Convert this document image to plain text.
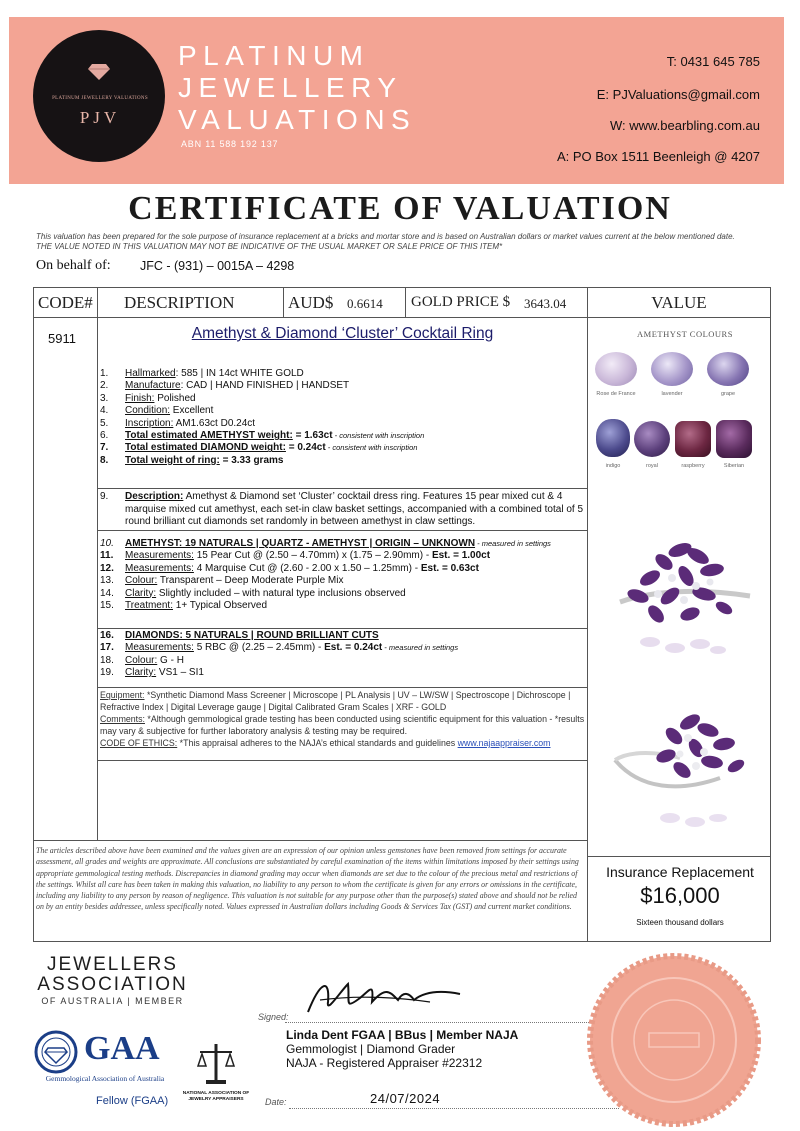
PLATINUM JEWELLERY VALUATIONS
PJV
PLATINUM
JEWELLERY
VALUATIONS
ABN 11 588 192 137
T: 0431 645 785
E: PJValuations@gmail.com
W: www.bearbling.com.au
A: PO Box 1511 Beenleigh @ 4207
CERTIFICATE OF VALUATION
This valuation has been prepared for the sole purpose of insurance replacement at a bricks and mortar store and is based on Australian dollars or market values current at the below mentioned date.
THE VALUE NOTED IN THIS VALUATION MAY NOT BE INDICATIVE OF THE USUAL MARKET OR SALE PRICE OF THIS ITEM*
On behalf of: JFC - (931) – 0015A – 4298
CODE# DESCRIPTION	AUD$ 0.6614 GOLD PRICE $ 3643.04	VALUE
5911	Amethyst & Diamond ‘Cluster’ Cocktail Ring
1. Hallmarked: 585 | IN 14ct WHITE GOLD
2. Manufacture: CAD | HAND FINISHED | HANDSET
3. Finish: Polished
4. Condition: Excellent
5. Inscription: AM1.63ct D0.24ct
6. Total estimated AMETHYST weight: = 1.63ct - consistent with inscription
7. Total estimated DIAMOND weight: = 0.24ct - consistent with inscription
8. Total weight of ring: = 3.33 grams
9.	Description: Amethyst & Diamond set ‘Cluster’ cocktail dress ring. Features 15 pear mixed cut & 4 marquise mixed cut amethyst, each set-in claw basket settings, accompanied with a combined total of 5 round brilliant cut diamonds set randomly in between amethyst in claw settings.
10. AMETHYST: 19 NATURALS | QUARTZ - AMETHYST | ORIGIN – UNKNOWN - measured in settings
11. Measurements: 15 Pear Cut @ (2.50 – 4.70mm) x (1.75 – 2.90mm) - Est. = 1.00ct
12. Measurements: 4 Marquise Cut @ (2.60 - 2.00 x 1.50 – 1.25mm) - Est. = 0.63ct
13. Colour: Transparent – Deep Moderate Purple Mix
14. Clarity: Slightly included – with natural type inclusions observed
15. Treatment: 1+ Typical Observed
16. DIAMONDS: 5 NATURALS | ROUND BRILLIANT CUTS
17. Measurements: 5 RBC @ (2.25 – 2.45mm) - Est. = 0.24ct - measured in settings
18. Colour: G - H
19. Clarity: VS1 – SI1
Equipment: *Synthetic Diamond Mass Screener | Microscope | PL Analysis | UV – LW/SW | Spectroscope | Dichroscope | Refractive Index | Digital Leverage gauge | Digital Calibrated Gram Scales | XRF - GOLD
Comments: *Although gemmological grade testing has been conducted using scientific equipment for this valuation - *results may vary & subjective for further laboratory analysis & testing may be required.
CODE OF ETHICS: *This appraisal adheres to the NAJA’s ethical standards and guidelines www.najaappraiser.com
AMETHYST COLOURS
Rose de France	lavender	grape
indigo	royal	raspberry	Siberian
The articles described above have been examined and the values given are an expression of our opinion unless gemstones have been removed from settings for accurate assessment, all grades and weights are approximate. All conclusions are substantiated by careful examination of the items within limitations imposed by their settings using appropriate gemmological testing methods. Discrepancies in diamond grading may occur when diamonds are set due to the colour of the precious metal and restrictions of the settings. Whilst all care has been taken in making this valuation, no liability to any person to whom the certificate is given for any errors or omissions in the certificate, including any liability to any person by reason of negligence. This valuation is not suitable for any purpose other than the purpose(s) stated above and should not be relied on by an entity besides addressee, unless specifically noted. Values expressed in Australian dollars including Goods & Services Tax (GST) and current market conditions.
Insurance Replacement
$16,000
Sixteen thousand dollars
JEWELLERS
ASSOCIATION
OF AUSTRALIA | MEMBER
GAA
Gemmological Association of Australia
Fellow (FGAA)
NATIONAL ASSOCIATION OF JEWELRY APPRAISERS
Signed:
Linda Dent FGAA | BBus | Member NAJA
Gemmologist | Diamond Grader
NAJA - Registered Appraiser #22312
Date:	24/07/2024
